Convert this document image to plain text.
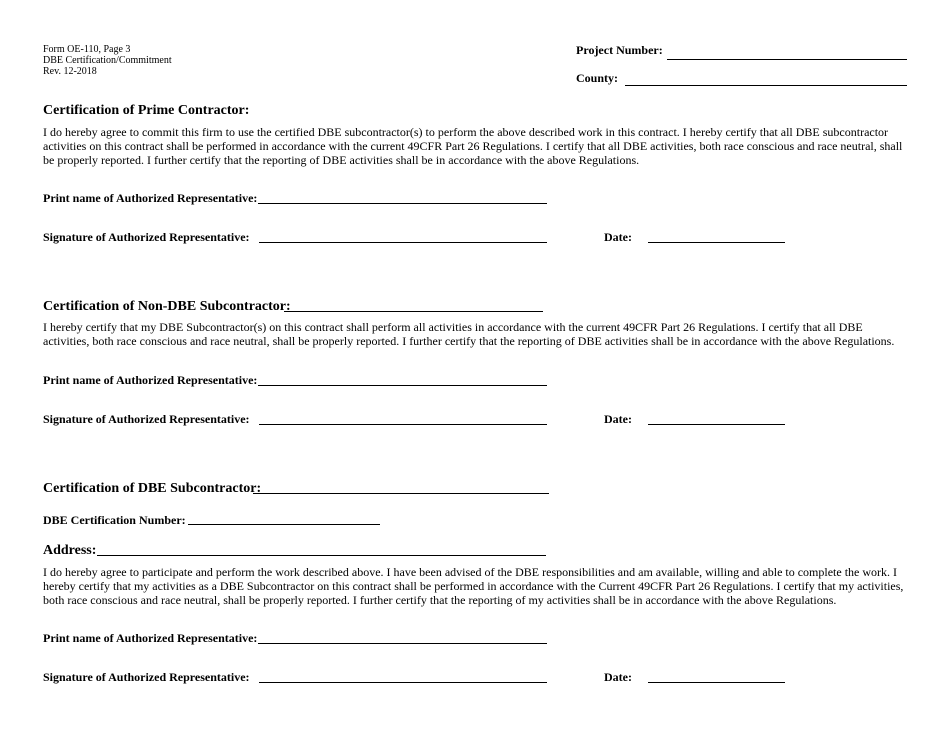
Form OE-110, Page 3
DBE Certification/Commitment
Rev. 12-2018
Project Number:
County:
Certification of Prime Contractor:
I do hereby agree to commit this firm to use the certified DBE subcontractor(s) to perform the above described work in this contract. I hereby certify that all DBE subcontractor activities on this contract shall be performed in accordance with the current 49CFR Part 26 Regulations. I certify that all DBE activities, both race conscious and race neutral, shall be properly reported. I further certify that the reporting of DBE activities shall be in accordance with the above Regulations.
Print name of Authorized Representative:
Signature of Authorized Representative:	Date:
Certification of Non-DBE Subcontractor:
I hereby certify that my DBE Subcontractor(s) on this contract shall perform all activities in accordance with the current 49CFR Part 26 Regulations. I certify that all DBE activities, both race conscious and race neutral, shall be properly reported. I further certify that the reporting of DBE activities shall be in accordance with the above Regulations.
Print name of Authorized Representative:
Signature of Authorized Representative:	Date:
Certification of DBE Subcontractor:
DBE Certification Number:
Address:
I do hereby agree to participate and perform the work described above. I have been advised of the DBE responsibilities and am available, willing and able to complete the work. I hereby certify that my activities as a DBE Subcontractor on this contract shall be performed in accordance with the Current 49CFR Part 26 Regulations. I certify that my activities, both race conscious and race neutral, shall be properly reported. I further certify that the reporting of my activities shall be in accordance with the above Regulations.
Print name of Authorized Representative:
Signature of Authorized Representative:	Date:
